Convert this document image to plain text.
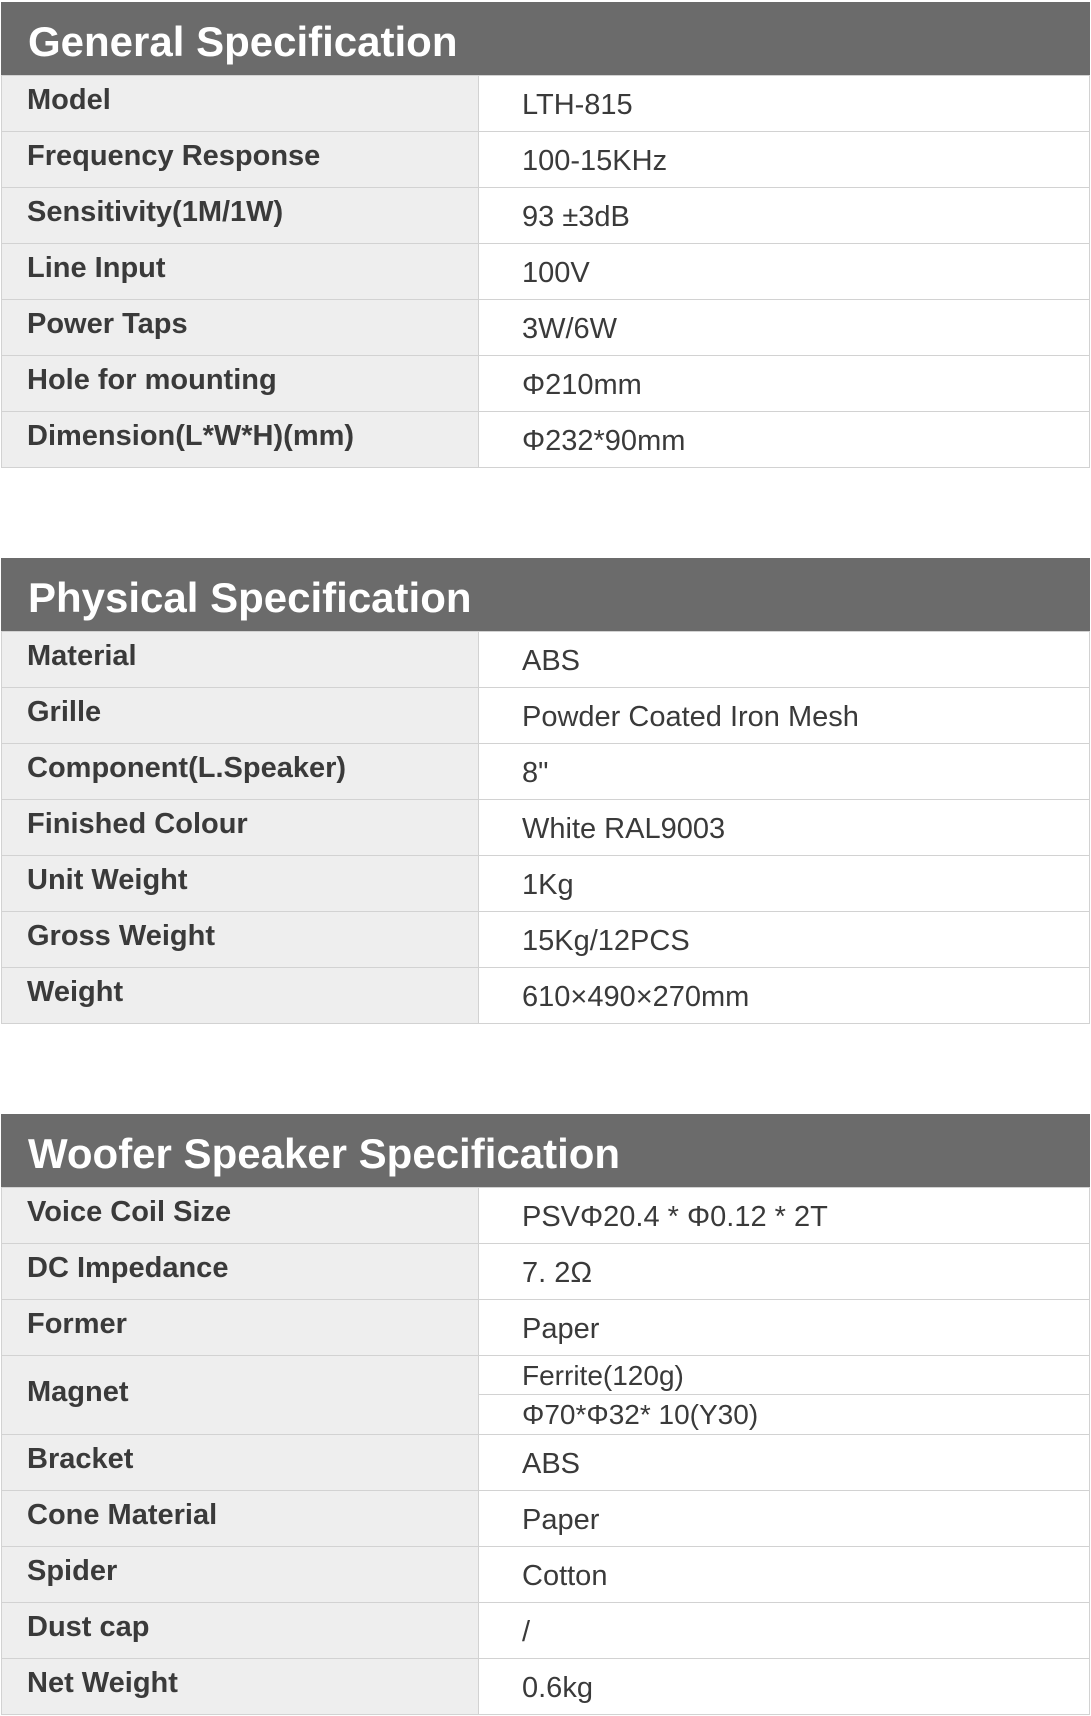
General Specification
Model	LTH-815
Frequency Response	100-15KHz
Sensitivity(1M/1W)	93 ±3dB
Line Input	100V
Power Taps	3W/6W
Hole for mounting	Φ210mm
Dimension(L*W*H)(mm)	Φ232*90mm
Physical Specification
Material	ABS
Grille	Powder Coated Iron Mesh
Component(L.Speaker)	8"
Finished Colour	White RAL9003
Unit Weight	1Kg
Gross Weight	15Kg/12PCS
Weight	610×490×270mm
Woofer Speaker Specification
Voice Coil Size	PSVΦ20.4 * Φ0.12 * 2T
DC Impedance	7. 2Ω
Former	Paper
Magnet	Ferrite(120g)
	Φ70*Φ32* 10(Y30)
Bracket	ABS
Cone Material	Paper
Spider	Cotton
Dust cap	/
Net Weight	0.6kg
